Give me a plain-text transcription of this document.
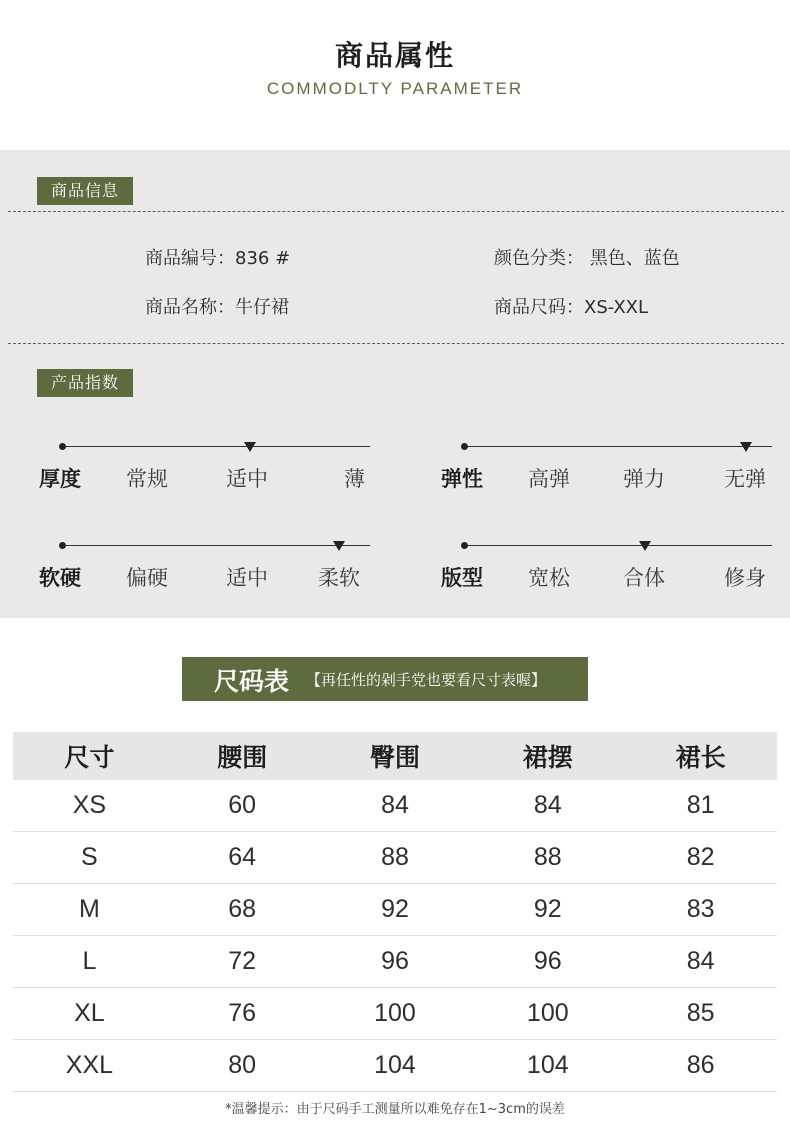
商品属性
COMMODLTY PARAMETER
商品信息
商品编号：836 #	颜色分类： 黑色、蓝色
商品名称：牛仔裙	商品尺码：XS-XXL
产品指数
厚度 常规	适中	薄	弹性 高弹	弹力	无弹
软硬 偏硬	适中 柔软	版型 宽松	合体	修身
尺码表 【再任性的剁手党也要看尺寸表喔】
尺寸	腰围	臀围	裙摆	裙长
XS	60	84	84	81
S	64	88	88	82
M	68	92	92	83
L	72	96	96	84
XL	76	100	100	85
XXL	80	104	104	86
*温馨提示：由于尺码手工测量所以难免存在1~3cm的误差
